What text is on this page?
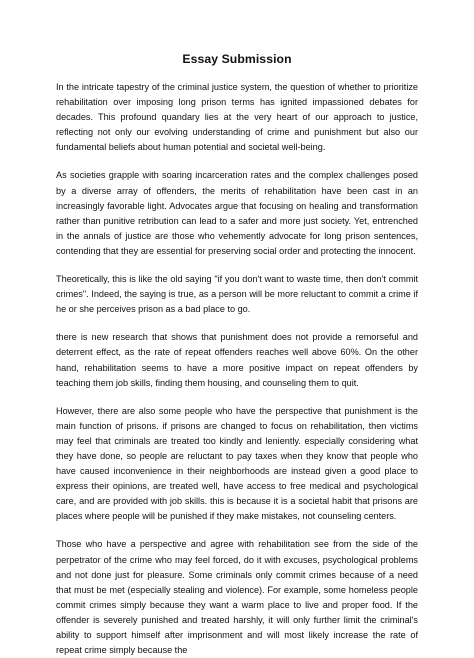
Essay Submission

In the intricate tapestry of the criminal justice system, the question of whether to prioritize rehabilitation over imposing long prison terms has ignited impassioned debates for decades. This profound quandary lies at the very heart of our approach to justice, reflecting not only our evolving understanding of crime and punishment but also our fundamental beliefs about human potential and societal well-being.

As societies grapple with soaring incarceration rates and the complex challenges posed by a diverse array of offenders, the merits of rehabilitation have been cast in an increasingly favorable light. Advocates argue that focusing on healing and transformation rather than punitive retribution can lead to a safer and more just society. Yet, entrenched in the annals of justice are those who vehemently advocate for long prison sentences, contending that they are essential for preserving social order and protecting the innocent.

Theoretically, this is like the old saying "if you don't want to waste time, then don't commit crimes". Indeed, the saying is true, as a person will be more reluctant to commit a crime if he or she perceives prison as a bad place to go.

there is new research that shows that punishment does not provide a remorseful and deterrent effect, as the rate of repeat offenders reaches well above 60%. On the other hand, rehabilitation seems to have a more positive impact on repeat offenders by teaching them job skills, finding them housing, and counseling them to quit.

However, there are also some people who have the perspective that punishment is the main function of prisons. if prisons are changed to focus on rehabilitation, then victims may feel that criminals are treated too kindly and leniently. especially considering what they have done, so people are reluctant to pay taxes when they know that people who have caused inconvenience in their neighborhoods are instead given a good place to express their opinions, are treated well, have access to free medical and psychological care, and are provided with job skills. this is because it is a societal habit that prisons are places where people will be punished if they make mistakes, not counseling centers.

Those who have a perspective and agree with rehabilitation see from the side of the perpetrator of the crime who may feel forced, do it with excuses, psychological problems and not done just for pleasure. Some criminals only commit crimes because of a need that must be met (especially stealing and violence). For example, some homeless people commit crimes simply because they want a warm place to live and proper food. If the offender is severely punished and treated harshly, it will only further limit the criminal's ability to support himself after imprisonment and will most likely increase the rate of repeat crime simply because the
